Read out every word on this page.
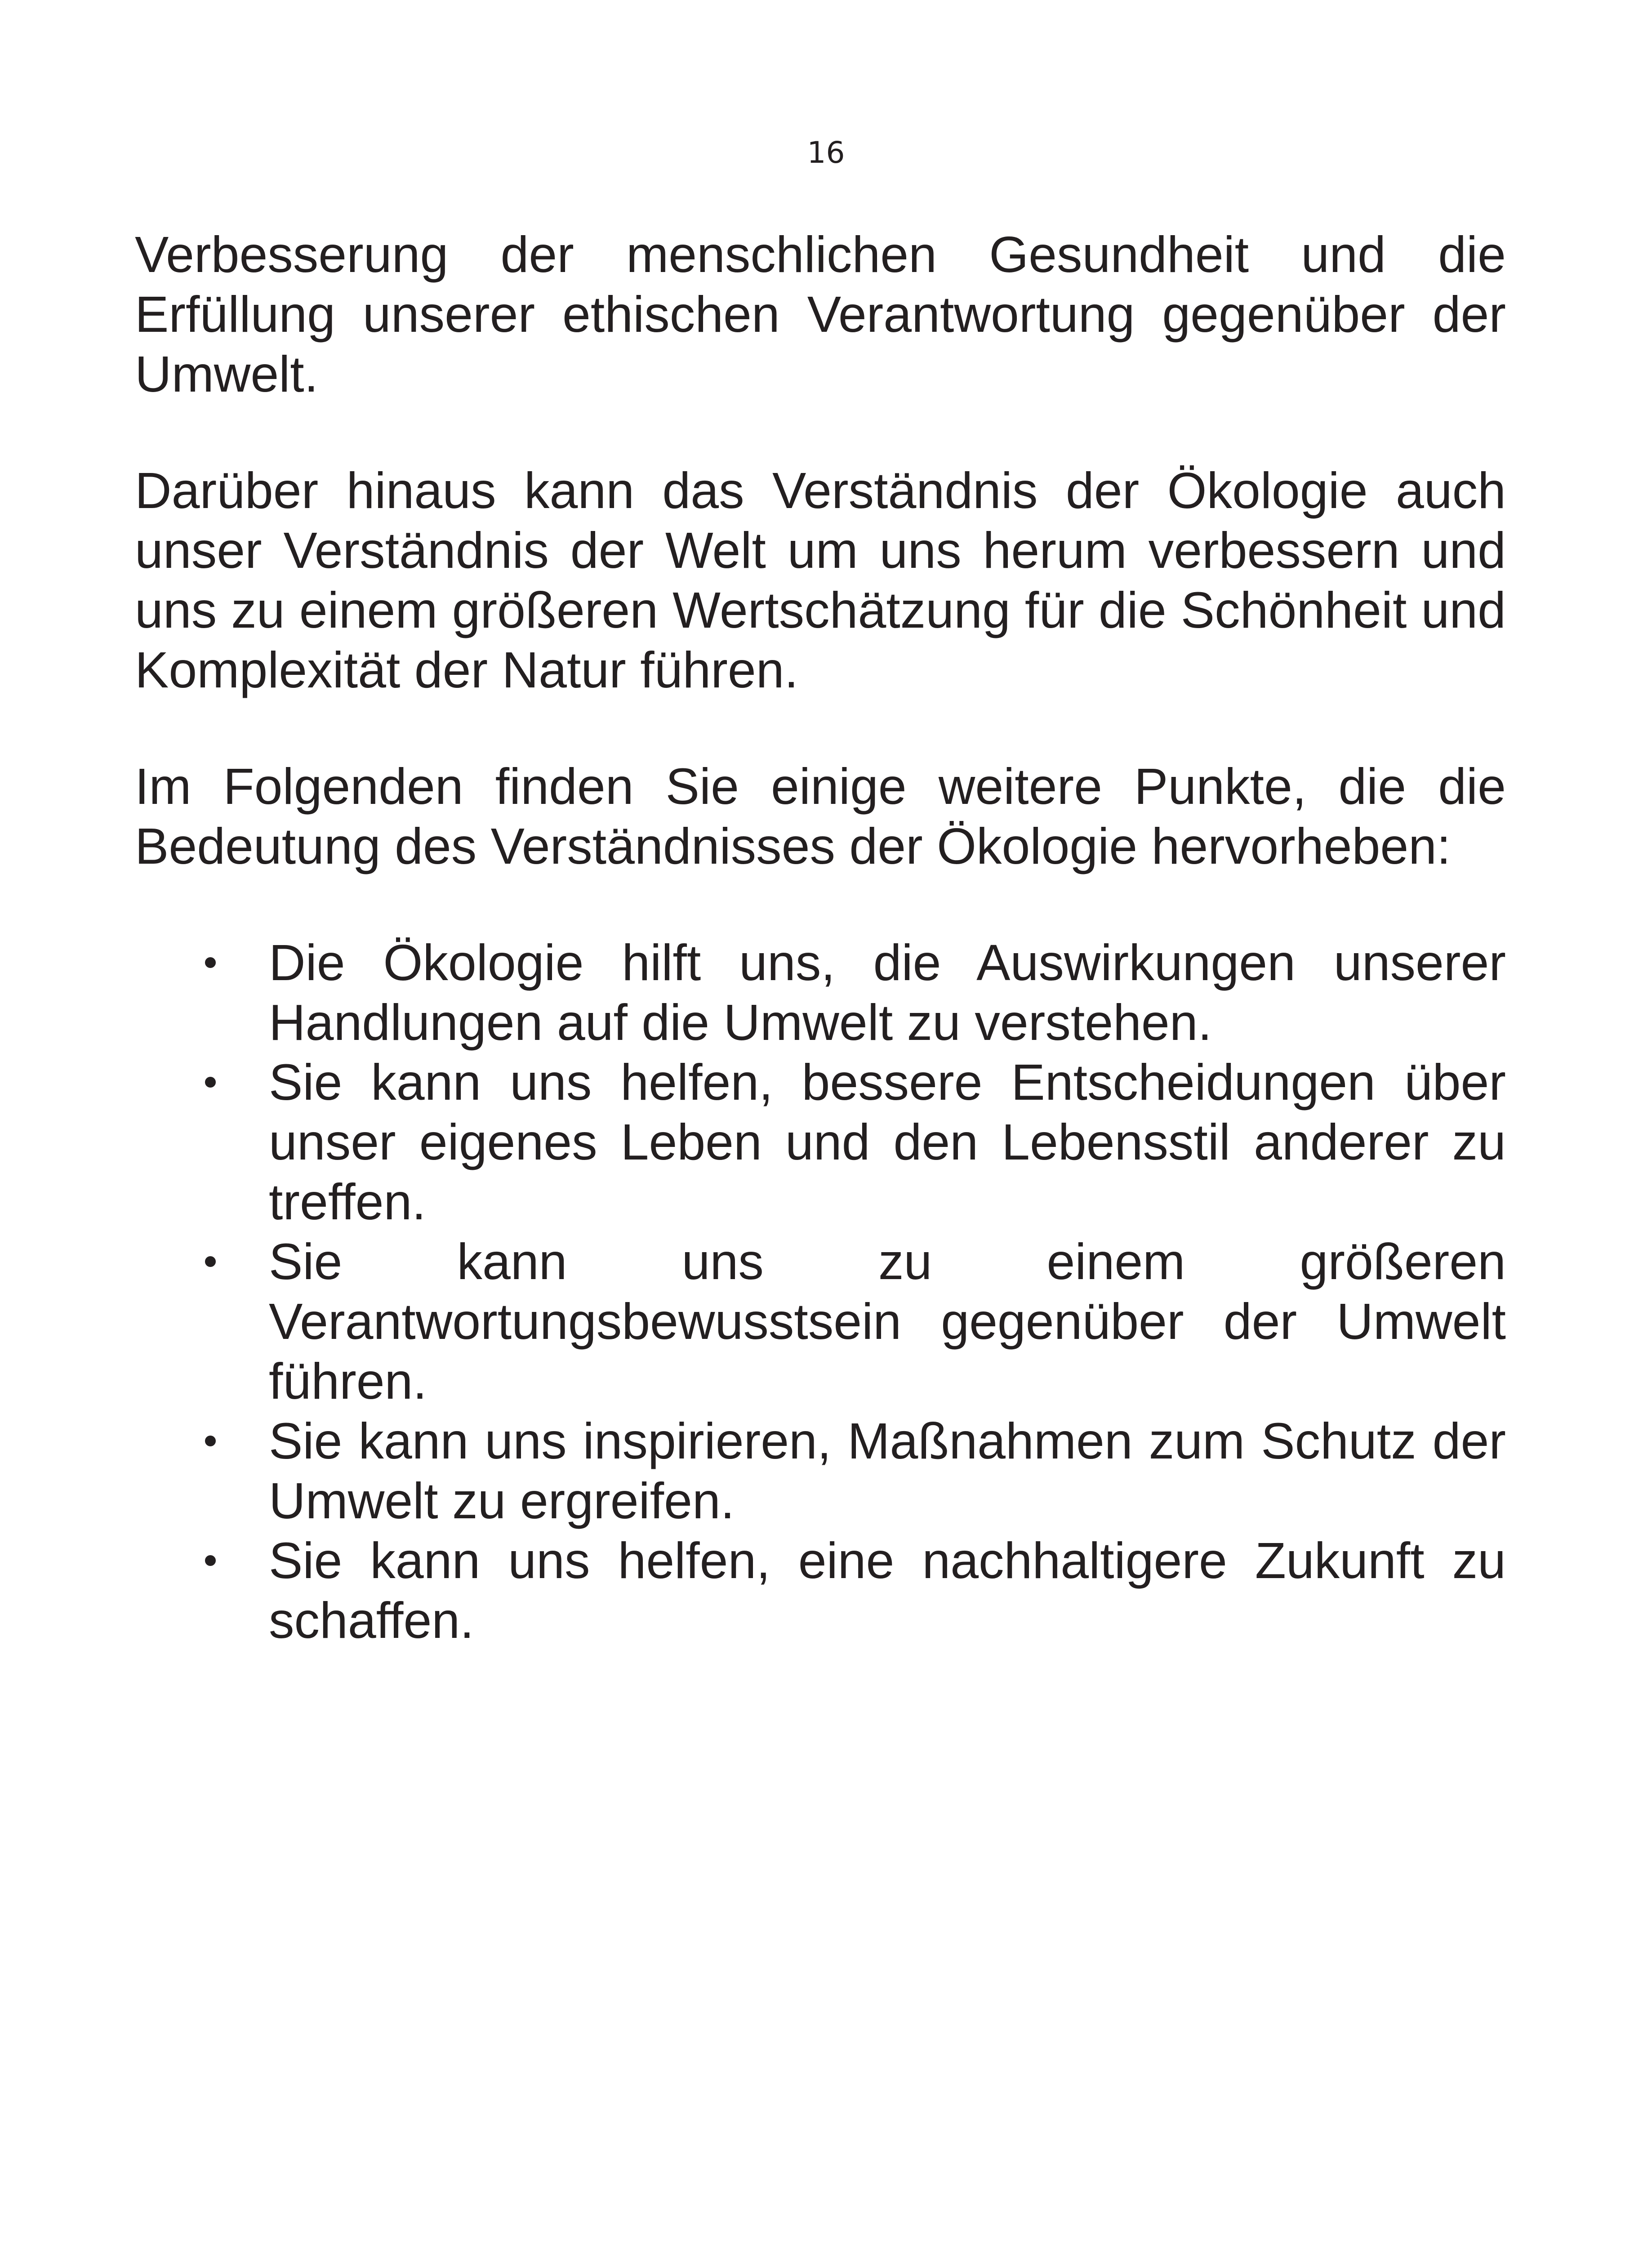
16

Verbesserung der menschlichen Gesundheit und die Erfüllung unserer ethischen Verantwortung gegenüber der Umwelt.

Darüber hinaus kann das Verständnis der Ökologie auch unser Verständnis der Welt um uns herum verbessern und uns zu einem größeren Wertschätzung für die Schönheit und Komplexität der Natur führen.

Im Folgenden finden Sie einige weitere Punkte, die die Bedeutung des Verständnisses der Ökologie hervorheben:

Die Ökologie hilft uns, die Auswirkungen unserer Handlungen auf die Umwelt zu verstehen.
Sie kann uns helfen, bessere Entscheidungen über unser eigenes Leben und den Lebensstil anderer zu treffen.
Sie kann uns zu einem größeren Verantwortungsbewusstsein gegenüber der Umwelt führen.
Sie kann uns inspirieren, Maßnahmen zum Schutz der Umwelt zu ergreifen.
Sie kann uns helfen, eine nachhaltigere Zukunft zu schaffen.
